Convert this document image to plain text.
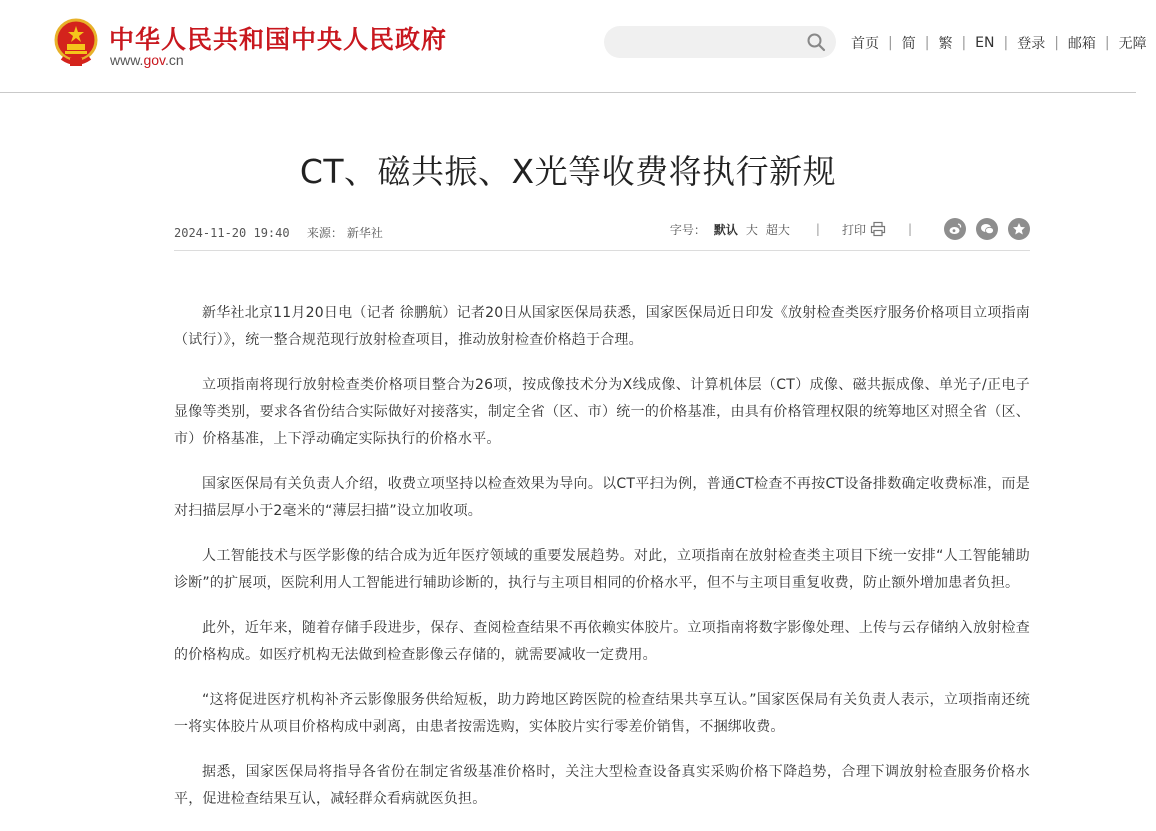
中华人民共和国中央人民政府
www.gov.cn
首页 | 简 | 繁 | EN | 登录 | 邮箱 | 无障
CT、磁共振、X光等收费将执行新规
2024-11-20 19:40 来源： 新华社	字号： 默认 大 超大 | 打印	|

新华社北京11月20日电（记者 徐鹏航）记者20日从国家医保局获悉，国家医保局近日印发《放射检查类医疗服务价格项目立项指南（试行）》，统一整合规范现行放射检查项目，推动放射检查价格趋于合理。

立项指南将现行放射检查类价格项目整合为26项，按成像技术分为X线成像、计算机体层（CT）成像、磁共振成像、单光子/正电子显像等类别，要求各省份结合实际做好对接落实，制定全省（区、市）统一的价格基准，由具有价格管理权限的统筹地区对照全省（区、市）价格基准，上下浮动确定实际执行的价格水平。

国家医保局有关负责人介绍，收费立项坚持以检查效果为导向。以CT平扫为例，普通CT检查不再按CT设备排数确定收费标准，而是对扫描层厚小于2毫米的“薄层扫描”设立加收项。

人工智能技术与医学影像的结合成为近年医疗领域的重要发展趋势。对此，立项指南在放射检查类主项目下统一安排“人工智能辅助诊断”的扩展项，医院利用人工智能进行辅助诊断的，执行与主项目相同的价格水平，但不与主项目重复收费，防止额外增加患者负担。

此外，近年来，随着存储手段进步，保存、查阅检查结果不再依赖实体胶片。立项指南将数字影像处理、上传与云存储纳入放射检查的价格构成。如医疗机构无法做到检查影像云存储的，就需要减收一定费用。

“这将促进医疗机构补齐云影像服务供给短板，助力跨地区跨医院的检查结果共享互认。”国家医保局有关负责人表示，立项指南还统一将实体胶片从项目价格构成中剥离，由患者按需选购，实体胶片实行零差价销售，不捆绑收费。

据悉，国家医保局将指导各省份在制定省级基准价格时，关注大型检查设备真实采购价格下降趋势，合理下调放射检查服务价格水平，促进检查结果互认，减轻群众看病就医负担。
